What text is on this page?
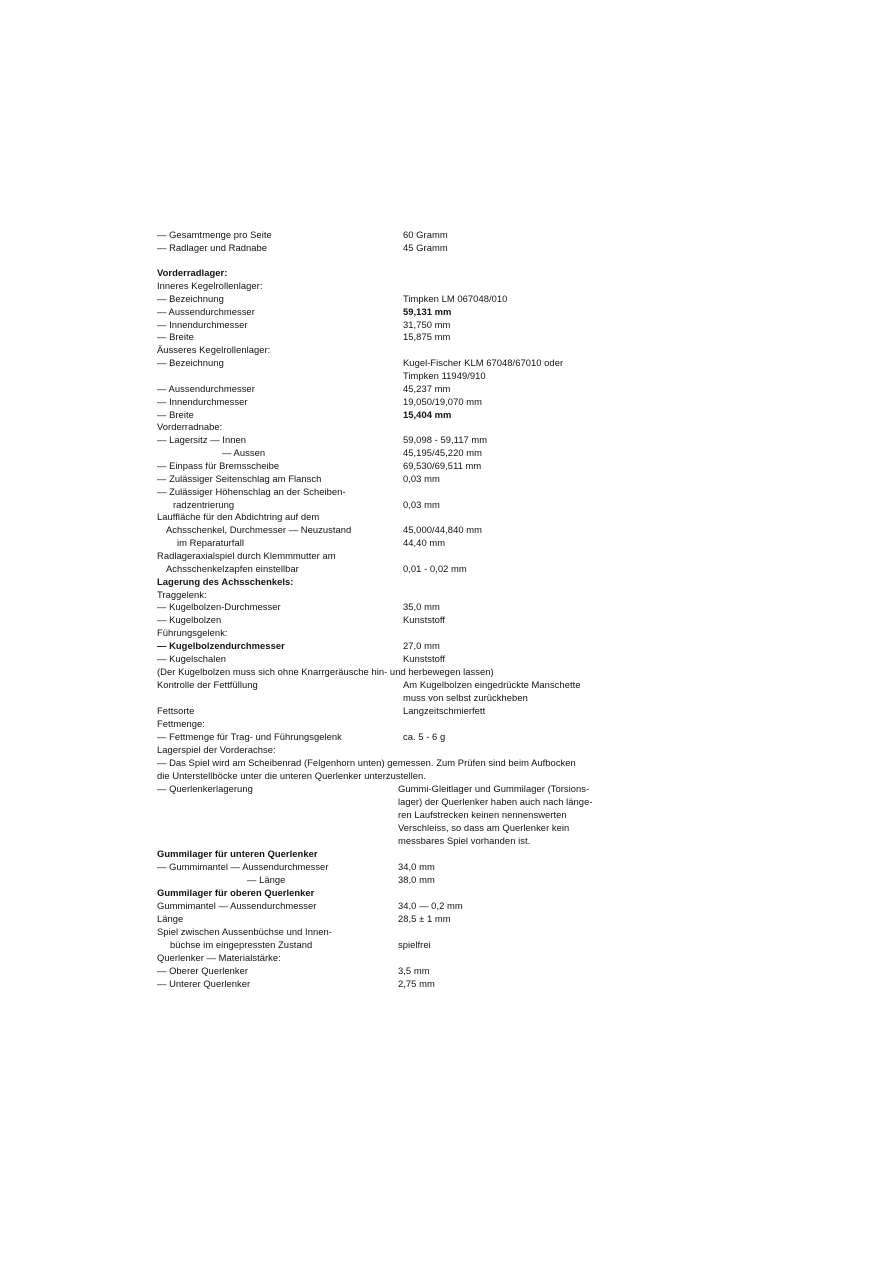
— Gesamtmenge pro Seite	60 Gramm
— Radlager und Radnabe	45 Gramm
Vorderradlager:
Inneres Kegelrollenlager:
— Bezeichnung	Timpken LM 067048/010
— Aussendurchmesser	59,131 mm
— Innendurchmesser	31,750 mm
— Breite	15,875 mm
Äusseres Kegelrollenlager:
— Bezeichnung	Kugel-Fischer KLM 67048/67010 oder
Timpken 11949/910
— Aussendurchmesser	45,237 mm
— Innendurchmesser	19,050/19,070 mm
— Breite	15,404 mm
Vorderradnabe:
— Lagersitz — Innen	59,098 - 59,117 mm
— Aussen	45,195/45,220 mm
— Einpass für Bremsscheibe	69,530/69,511 mm
— Zulässiger Seitenschlag am Flansch	0,03 mm
— Zulässiger Höhenschlag an der Scheiben-
radzentrierung	0,03 mm
Lauffläche für den Abdichtring auf dem
Achsschenkel, Durchmesser — Neuzustand	45,000/44,840 mm
im Reparaturfall	44,40 mm
Radlageraxialspiel durch Klemmmutter am
Achsschenkelzapfen einstellbar	0,01 - 0,02 mm
Lagerung des Achsschenkels:
Traggelenk:
— Kugelbolzen-Durchmesser	35,0 mm
— Kugelbolzen	Kunststoff
Führungsgelenk:
— Kugelbolzendurchmesser	27,0 mm
— Kugelschalen	Kunststoff
(Der Kugelbolzen muss sich ohne Knarrgeräusche hin- und herbewegen lassen)
Kontrolle der Fettfüllung	Am Kugelbolzen eingedrückte Manschette
muss von selbst zurückheben
Fettsorte	Langzeitschmierfett
Fettmenge:
— Fettmenge für Trag- und Führungsgelenk	ca. 5 - 6 g
Lagerspiel der Vorderachse:
— Das Spiel wird am Scheibenrad (Felgenhorn unten) gemessen. Zum Prüfen sind beim Aufbocken
die Unterstellböcke unter die unteren Querlenker unterzustellen.
— Querlenkerlagerung	Gummi-Gleitlager und Gummilager (Torsions-
lager) der Querlenker haben auch nach länge-
ren Laufstrecken keinen nennenswerten
Verschleiss, so dass am Querlenker kein
messbares Spiel vorhanden ist.
Gummilager für unteren Querlenker
— Gummimantel — Aussendurchmesser	34,0 mm
— Länge	38,0 mm
Gummilager für oberen Querlenker
Gummimantel — Aussendurchmesser	34,0 — 0,2 mm
Länge	28,5 ± 1 mm
Spiel zwischen Aussenbüchse und Innen-
büchse im eingepressten Zustand	spielfrei
Querlenker — Materialstärke:
— Oberer Querlenker	3,5 mm
— Unterer Querlenker	2,75 mm
